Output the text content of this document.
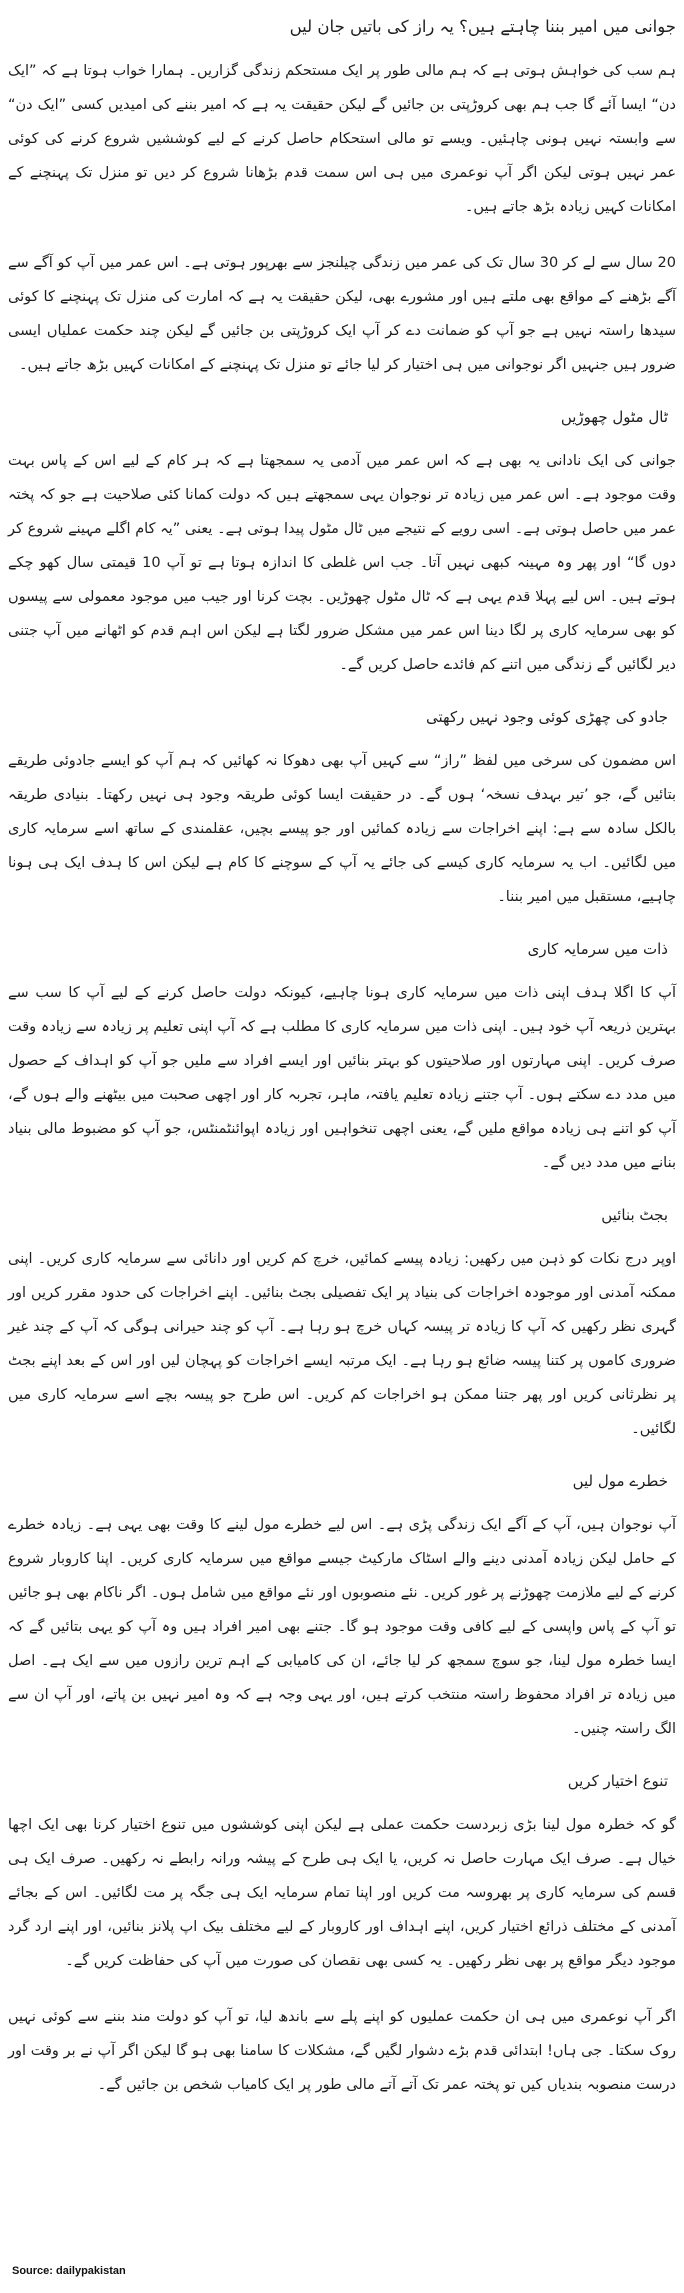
جوانی میں امیر بننا چاہتے ہیں؟ یہ راز کی باتیں جان لیں

ہم سب کی خواہش ہوتی ہے کہ ہم مالی طور پر ایک مستحکم زندگی گزاریں۔ ہمارا خواب ہوتا ہے کہ ”ایک دن“ ایسا آئے گا جب ہم بھی کروڑپتی بن جائیں گے لیکن حقیقت یہ ہے کہ امیر بننے کی امیدیں کسی ”ایک دن“ سے وابستہ نہیں ہونی چاہئیں۔ ویسے تو مالی استحکام حاصل کرنے کے لیے کوششیں شروع کرنے کی کوئی عمر نہیں ہوتی لیکن اگر آپ نوعمری میں ہی اس سمت قدم بڑھانا شروع کر دیں تو منزل تک پہنچنے کے امکانات کہیں زیادہ بڑھ جاتے ہیں۔

20 سال سے لے کر 30 سال تک کی عمر میں زندگی چیلنجز سے بھرپور ہوتی ہے۔ اس عمر میں آپ کو آگے سے آگے بڑھنے کے مواقع بھی ملتے ہیں اور مشورے بھی، لیکن حقیقت یہ ہے کہ امارت کی منزل تک پہنچنے کا کوئی سیدھا راستہ نہیں ہے جو آپ کو ضمانت دے کر آپ ایک کروڑپتی بن جائیں گے لیکن چند حکمت عملیاں ایسی ضرور ہیں جنہیں اگر نوجوانی میں ہی اختیار کر لیا جائے تو منزل تک پہنچنے کے امکانات کہیں بڑھ جاتے ہیں۔

ٹال مٹول چھوڑیں

جوانی کی ایک نادانی یہ بھی ہے کہ اس عمر میں آدمی یہ سمجھتا ہے کہ ہر کام کے لیے اس کے پاس بہت وقت موجود ہے۔ اس عمر میں زیادہ تر نوجوان یہی سمجھتے ہیں کہ دولت کمانا کئی صلاحیت ہے جو کہ پختہ عمر میں حاصل ہوتی ہے۔ اسی رویے کے نتیجے میں ٹال مٹول پیدا ہوتی ہے۔ یعنی ”یہ کام اگلے مہینے شروع کر دوں گا“ اور پھر وہ مہینہ کبھی نہیں آتا۔ جب اس غلطی کا اندازہ ہوتا ہے تو آپ 10 قیمتی سال کھو چکے ہوتے ہیں۔ اس لیے پہلا قدم یہی ہے کہ ٹال مٹول چھوڑیں۔ بچت کرنا اور جیب میں موجود معمولی سے پیسوں کو بھی سرمایہ کاری پر لگا دینا اس عمر میں مشکل ضرور لگتا ہے لیکن اس اہم قدم کو اٹھانے میں آپ جتنی دیر لگائیں گے زندگی میں اتنے کم فائدے حاصل کریں گے۔

جادو کی چھڑی کوئی وجود نہیں رکھتی

اس مضمون کی سرخی میں لفظ ”راز“ سے کہیں آپ بھی دھوکا نہ کھائیں کہ ہم آپ کو ایسے جادوئی طریقے بتائیں گے، جو ’تیر بہدف نسخہ‘ ہوں گے۔ در حقیقت ایسا کوئی طریقہ وجود ہی نہیں رکھتا۔ بنیادی طریقہ بالکل سادہ سے ہے: اپنے اخراجات سے زیادہ کمائیں اور جو پیسے بچیں، عقلمندی کے ساتھ اسے سرمایہ کاری میں لگائیں۔ اب یہ سرمایہ کاری کیسے کی جائے یہ آپ کے سوچنے کا کام ہے لیکن اس کا ہدف ایک ہی ہونا چاہیے، مستقبل میں امیر بننا۔

ذات میں سرمایہ کاری

آپ کا اگلا ہدف اپنی ذات میں سرمایہ کاری ہونا چاہیے، کیونکہ دولت حاصل کرنے کے لیے آپ کا سب سے بہترین ذریعہ آپ خود ہیں۔ اپنی ذات میں سرمایہ کاری کا مطلب ہے کہ آپ اپنی تعلیم پر زیادہ سے زیادہ وقت صرف کریں۔ اپنی مہارتوں اور صلاحیتوں کو بہتر بنائیں اور ایسے افراد سے ملیں جو آپ کو اہداف کے حصول میں مدد دے سکتے ہوں۔ آپ جتنے زیادہ تعلیم یافتہ، ماہر، تجربہ کار اور اچھی صحبت میں بیٹھنے والے ہوں گے، آپ کو اتنے ہی زیادہ مواقع ملیں گے، یعنی اچھی تنخواہیں اور زیادہ اپوائنٹمنٹس، جو آپ کو مضبوط مالی بنیاد بنانے میں مدد دیں گے۔

بجٹ بنائیں

اوپر درج نکات کو ذہن میں رکھیں: زیادہ پیسے کمائیں، خرچ کم کریں اور دانائی سے سرمایہ کاری کریں۔ اپنی ممکنہ آمدنی اور موجودہ اخراجات کی بنیاد پر ایک تفصیلی بجٹ بنائیں۔ اپنے اخراجات کی حدود مقرر کریں اور گہری نظر رکھیں کہ آپ کا زیادہ تر پیسہ کہاں خرچ ہو رہا ہے۔ آپ کو چند حیرانی ہوگی کہ آپ کے چند غیر ضروری کاموں پر کتنا پیسہ ضائع ہو رہا ہے۔ ایک مرتبہ ایسے اخراجات کو پہچان لیں اور اس کے بعد اپنے بجٹ پر نظرثانی کریں اور پھر جتنا ممکن ہو اخراجات کم کریں۔ اس طرح جو پیسہ بچے اسے سرمایہ کاری میں لگائیں۔

خطرے مول لیں

آپ نوجوان ہیں، آپ کے آگے ایک زندگی پڑی ہے۔ اس لیے خطرے مول لینے کا وقت بھی یہی ہے۔ زیادہ خطرے کے حامل لیکن زیادہ آمدنی دینے والے اسٹاک مارکیٹ جیسے مواقع میں سرمایہ کاری کریں۔ اپنا کاروبار شروع کرنے کے لیے ملازمت چھوڑنے پر غور کریں۔ نئے منصوبوں اور نئے مواقع میں شامل ہوں۔ اگر ناکام بھی ہو جائیں تو آپ کے پاس واپسی کے لیے کافی وقت موجود ہو گا۔ جتنے بھی امیر افراد ہیں وہ آپ کو یہی بتائیں گے کہ ایسا خطرہ مول لینا، جو سوچ سمجھ کر لیا جائے، ان کی کامیابی کے اہم ترین رازوں میں سے ایک ہے۔ اصل میں زیادہ تر افراد محفوظ راستہ منتخب کرتے ہیں، اور یہی وجہ ہے کہ وہ امیر نہیں بن پاتے، اور آپ ان سے الگ راستہ چنیں۔

تنوع اختیار کریں

گو کہ خطرہ مول لینا بڑی زبردست حکمت عملی ہے لیکن اپنی کوششوں میں تنوع اختیار کرنا بھی ایک اچھا خیال ہے۔ صرف ایک مہارت حاصل نہ کریں، یا ایک ہی طرح کے پیشہ ورانہ رابطے نہ رکھیں۔ صرف ایک ہی قسم کی سرمایہ کاری پر بھروسہ مت کریں اور اپنا تمام سرمایہ ایک ہی جگہ پر مت لگائیں۔ اس کے بجائے آمدنی کے مختلف ذرائع اختیار کریں، اپنے اہداف اور کاروبار کے لیے مختلف بیک اپ پلانز بنائیں، اور اپنے ارد گرد موجود دیگر مواقع پر بھی نظر رکھیں۔ یہ کسی بھی نقصان کی صورت میں آپ کی حفاظت کریں گے۔

اگر آپ نوعمری میں ہی ان حکمت عملیوں کو اپنے پلے سے باندھ لیا، تو آپ کو دولت مند بننے سے کوئی نہیں روک سکتا۔ جی ہاں! ابتدائی قدم بڑے دشوار لگیں گے، مشکلات کا سامنا بھی ہو گا لیکن اگر آپ نے بر وقت اور درست منصوبہ بندیاں کیں تو پختہ عمر تک آتے آتے مالی طور پر ایک کامیاب شخص بن جائیں گے۔

Source: dailypakistan
